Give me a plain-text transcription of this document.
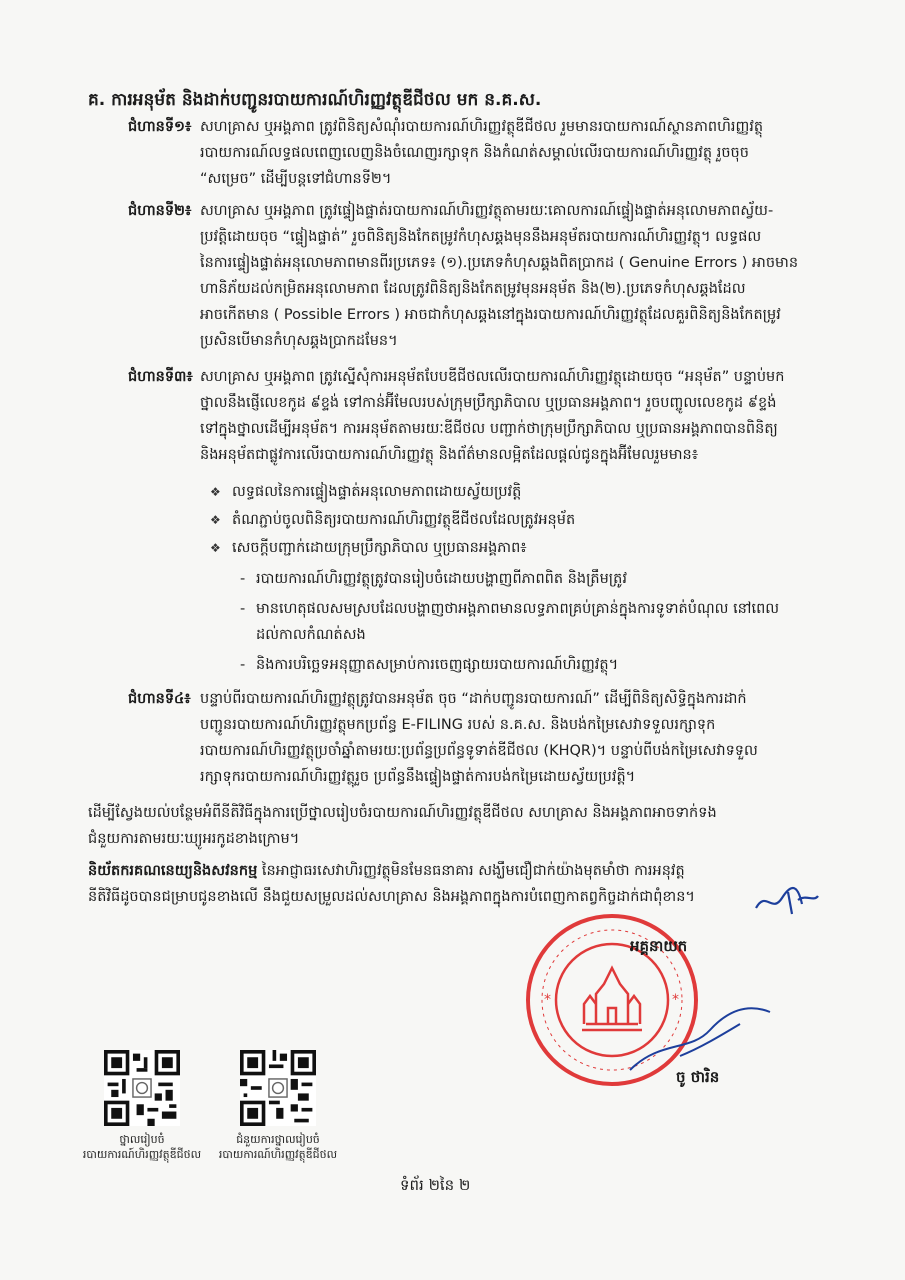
គ. ការអនុម័ត និងដាក់បញ្ជូនរបាយការណ៍ហិរញ្ញវត្ថុឌីជីថល មក ន.គ.ស.
ជំហានទី១៖ សហគ្រាស ឬអង្គភាព ត្រូវពិនិត្យសំណុំរបាយការណ៍ហិរញ្ញវត្ថុឌីជីថល រួមមានរបាយការណ៍ស្ថានភាពហិរញ្ញវត្ថុ

របាយការណ៍លទ្ធផលពេញលេញនិងចំណេញរក្សាទុក និងកំណត់សម្គាល់លើរបាយការណ៍ហិរញ្ញវត្ថុ រួចចុច

“សម្រេច” ដើម្បីបន្តទៅជំហានទី២។

ជំហានទី២៖ សហគ្រាស ឬអង្គភាព ត្រូវផ្ទៀងផ្ទាត់របាយការណ៍ហិរញ្ញវត្ថុតាមរយៈគោលការណ៍ផ្ទៀងផ្ទាត់អនុលោមភាពស្វ័យ-

ប្រវត្តិដោយចុច “ផ្ទៀងផ្ទាត់” រួចពិនិត្យនិងកែតម្រូវកំហុសឆ្គងមុននឹងអនុម័តរបាយការណ៍ហិរញ្ញវត្ថុ។ លទ្ធផល

នៃការផ្ទៀងផ្ទាត់អនុលោមភាពមានពីរប្រភេទ៖ (១).ប្រភេទកំហុសឆ្គងពិតប្រាកដ ( Genuine Errors ) អាចមាន

ហានិភ័យដល់កម្រិតអនុលោមភាព ដែលត្រូវពិនិត្យនិងកែតម្រូវមុនអនុម័ត និង(២).ប្រភេទកំហុសឆ្គងដែល

អាចកើតមាន ( Possible Errors ) អាចជាកំហុសឆ្គងនៅក្នុងរបាយការណ៍ហិរញ្ញវត្ថុដែលគួរពិនិត្យនិងកែតម្រូវ

ប្រសិនបើមានកំហុសឆ្គងប្រាកដមែន។

ជំហានទី៣៖ សហគ្រាស ឬអង្គភាព ត្រូវស្នើសុំការអនុម័តបែបឌីជីថលលើរបាយការណ៍ហិរញ្ញវត្ថុដោយចុច “អនុម័ត” បន្ទាប់មក

ថ្នាលនឹងផ្ញើលេខកូដ ៩ខ្ទង់ ទៅកាន់អ៊ីមែលរបស់ក្រុមប្រឹក្សាភិបាល ឬប្រធានអង្គភាព។ រួចបញ្ចូលលេខកូដ ៩ខ្ទង់

ទៅក្នុងថ្នាលដើម្បីអនុម័ត។ ការអនុម័តតាមរយៈឌីជីថល បញ្ជាក់ថាក្រុមប្រឹក្សាភិបាល ឬប្រធានអង្គភាពបានពិនិត្យ

និងអនុម័តជាផ្លូវការលើរបាយការណ៍ហិរញ្ញវត្ថុ និងព័ត៌មានលម្អិតដែលផ្ដល់ជូនក្នុងអ៊ីមែលរួមមាន៖

❖ លទ្ធផលនៃការផ្ទៀងផ្ទាត់អនុលោមភាពដោយស្វ័យប្រវត្តិ
❖ តំណភ្ជាប់ចូលពិនិត្យរបាយការណ៍ហិរញ្ញវត្ថុឌីជីថលដែលត្រូវអនុម័ត
❖ សេចក្តីបញ្ជាក់ដោយក្រុមប្រឹក្សាភិបាល ឬប្រធានអង្គភាព៖
- របាយការណ៍ហិរញ្ញវត្ថុត្រូវបានរៀបចំដោយបង្ហាញពីភាពពិត និងត្រឹមត្រូវ
- មានហេតុផលសមស្របដែលបង្ហាញថាអង្គភាពមានលទ្ធភាពគ្រប់គ្រាន់ក្នុងការទូទាត់បំណុល នៅពេល
ដល់កាលកំណត់សង
- និងការបរិច្ឆេទអនុញ្ញាតសម្រាប់ការចេញផ្សាយរបាយការណ៍ហិរញ្ញវត្ថុ។
ជំហានទី៤៖ បន្ទាប់ពីរបាយការណ៍ហិរញ្ញវត្ថុត្រូវបានអនុម័ត ចុច “ដាក់បញ្ជូនរបាយការណ៍” ដើម្បីពិនិត្យសិទ្ធិក្នុងការដាក់

បញ្ជូនរបាយការណ៍ហិរញ្ញវត្ថុមកប្រព័ន្ធ E-FILING របស់ ន.គ.ស. និងបង់កម្រៃសេវាទទួលរក្សាទុក

របាយការណ៍ហិរញ្ញវត្ថុប្រចាំឆ្នាំតាមរយៈប្រព័ន្ធប្រព័ន្ធទូទាត់ឌីជីថល (KHQR)។ បន្ទាប់ពីបង់កម្រៃសេវាទទួល

រក្សាទុករបាយការណ៍ហិរញ្ញវត្ថុរួច ប្រព័ន្ធនឹងផ្ទៀងផ្ទាត់ការបង់កម្រៃដោយស្វ័យប្រវត្តិ។

ដើម្បីស្វែងយល់បន្ថែមអំពីនីតិវិធីក្នុងការប្រើថ្នាលរៀបចំរបាយការណ៍ហិរញ្ញវត្ថុឌីជីថល សហគ្រាស និងអង្គភាពអាចទាក់ទង
ជំនួយការតាមរយៈឃ្យូអរកូដខាងក្រោម។
និយ័តករគណនេយ្យនិងសវនកម្ម នៃអាជ្ញាធរសេវាហិរញ្ញវត្ថុមិនមែនធនាគារ សង្ឃឹមជឿជាក់យ៉ាងមុតមាំថា ការអនុវត្ត
នីតិវិធីដូចបានជម្រាបជូនខាងលើ នឹងជួយសម្រួលដល់សហគ្រាស និងអង្គភាពក្នុងការបំពេញកាតព្វកិច្ចដាក់ជាពុំខាន។
*	*
អគ្គនាយក
ចូ ថារិន
ថ្នាលរៀបចំ
របាយការណ៍ហិរញ្ញវត្ថុឌីជីថល
ជំនួយការថ្នាលរៀបចំ
របាយការណ៍ហិរញ្ញវត្ថុឌីជីថល
ទំព័រ ២នៃ ២
